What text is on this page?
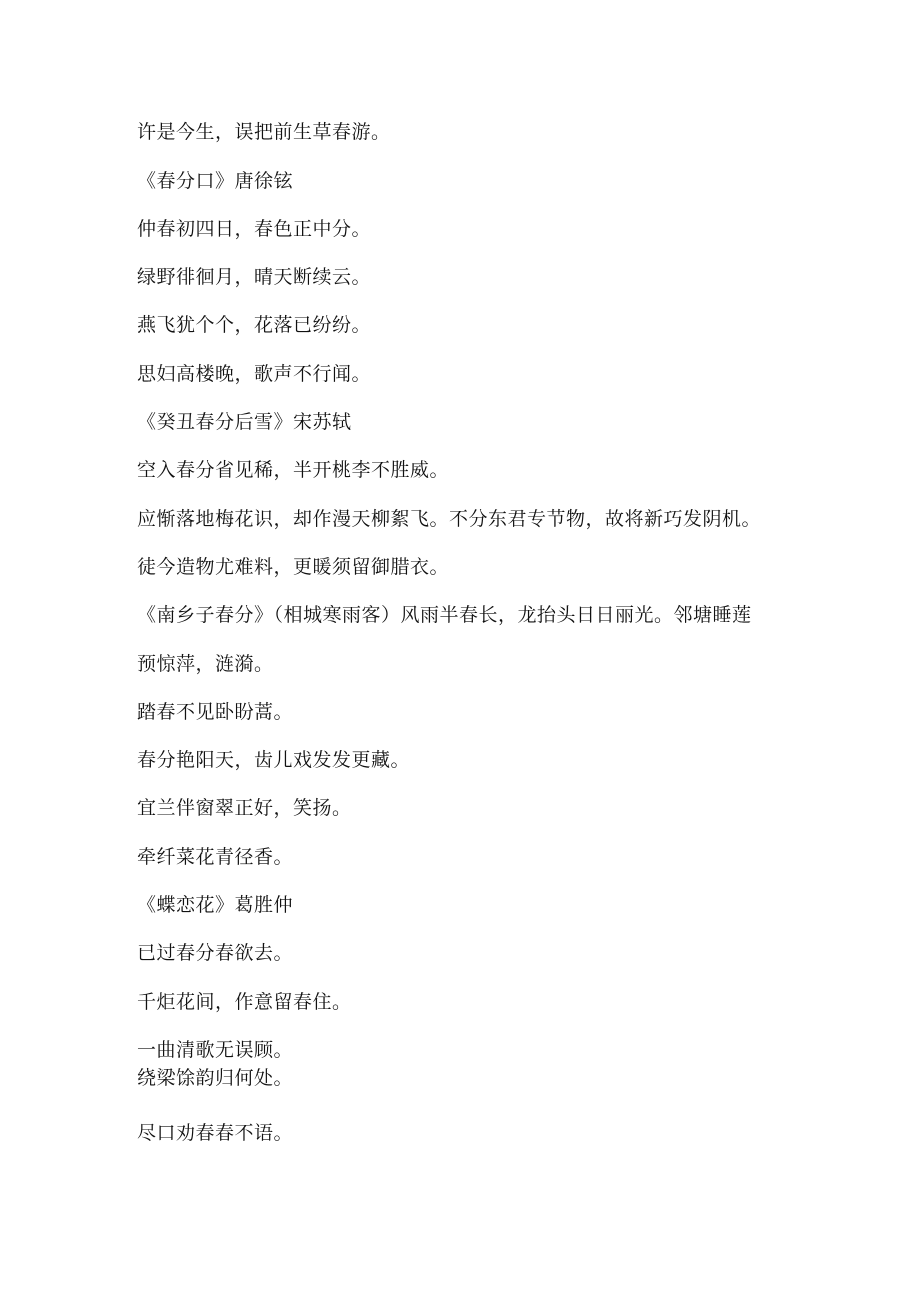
许是今生，误把前生草春游。
《春分口》唐徐铉
仲春初四日，春色正中分。
绿野徘徊月，晴天断续云。
燕飞犹个个，花落已纷纷。
思妇高楼晚，歌声不行闻。
《癸丑春分后雪》宋苏轼
空入春分省见稀，半开桃李不胜威。
应惭落地梅花识，却作漫天柳絮飞。不分东君专节物，故将新巧发阴机。
徒今造物尤难料，更暖须留御腊衣。
《南乡子春分》（相城寒雨客）风雨半春长，龙抬头日日丽光。邻塘睡莲
预惊萍，涟漪。
踏春不见卧盼蒿。
春分艳阳天，齿儿戏发发更藏。
宜兰伴窗翠正好，笑扬。
牵纤菜花青径香。
《蝶恋花》葛胜仲
已过春分春欲去。
千炬花间，作意留春住。
一曲清歌无误顾。
绕梁馀韵归何处。
尽口劝春春不语。
